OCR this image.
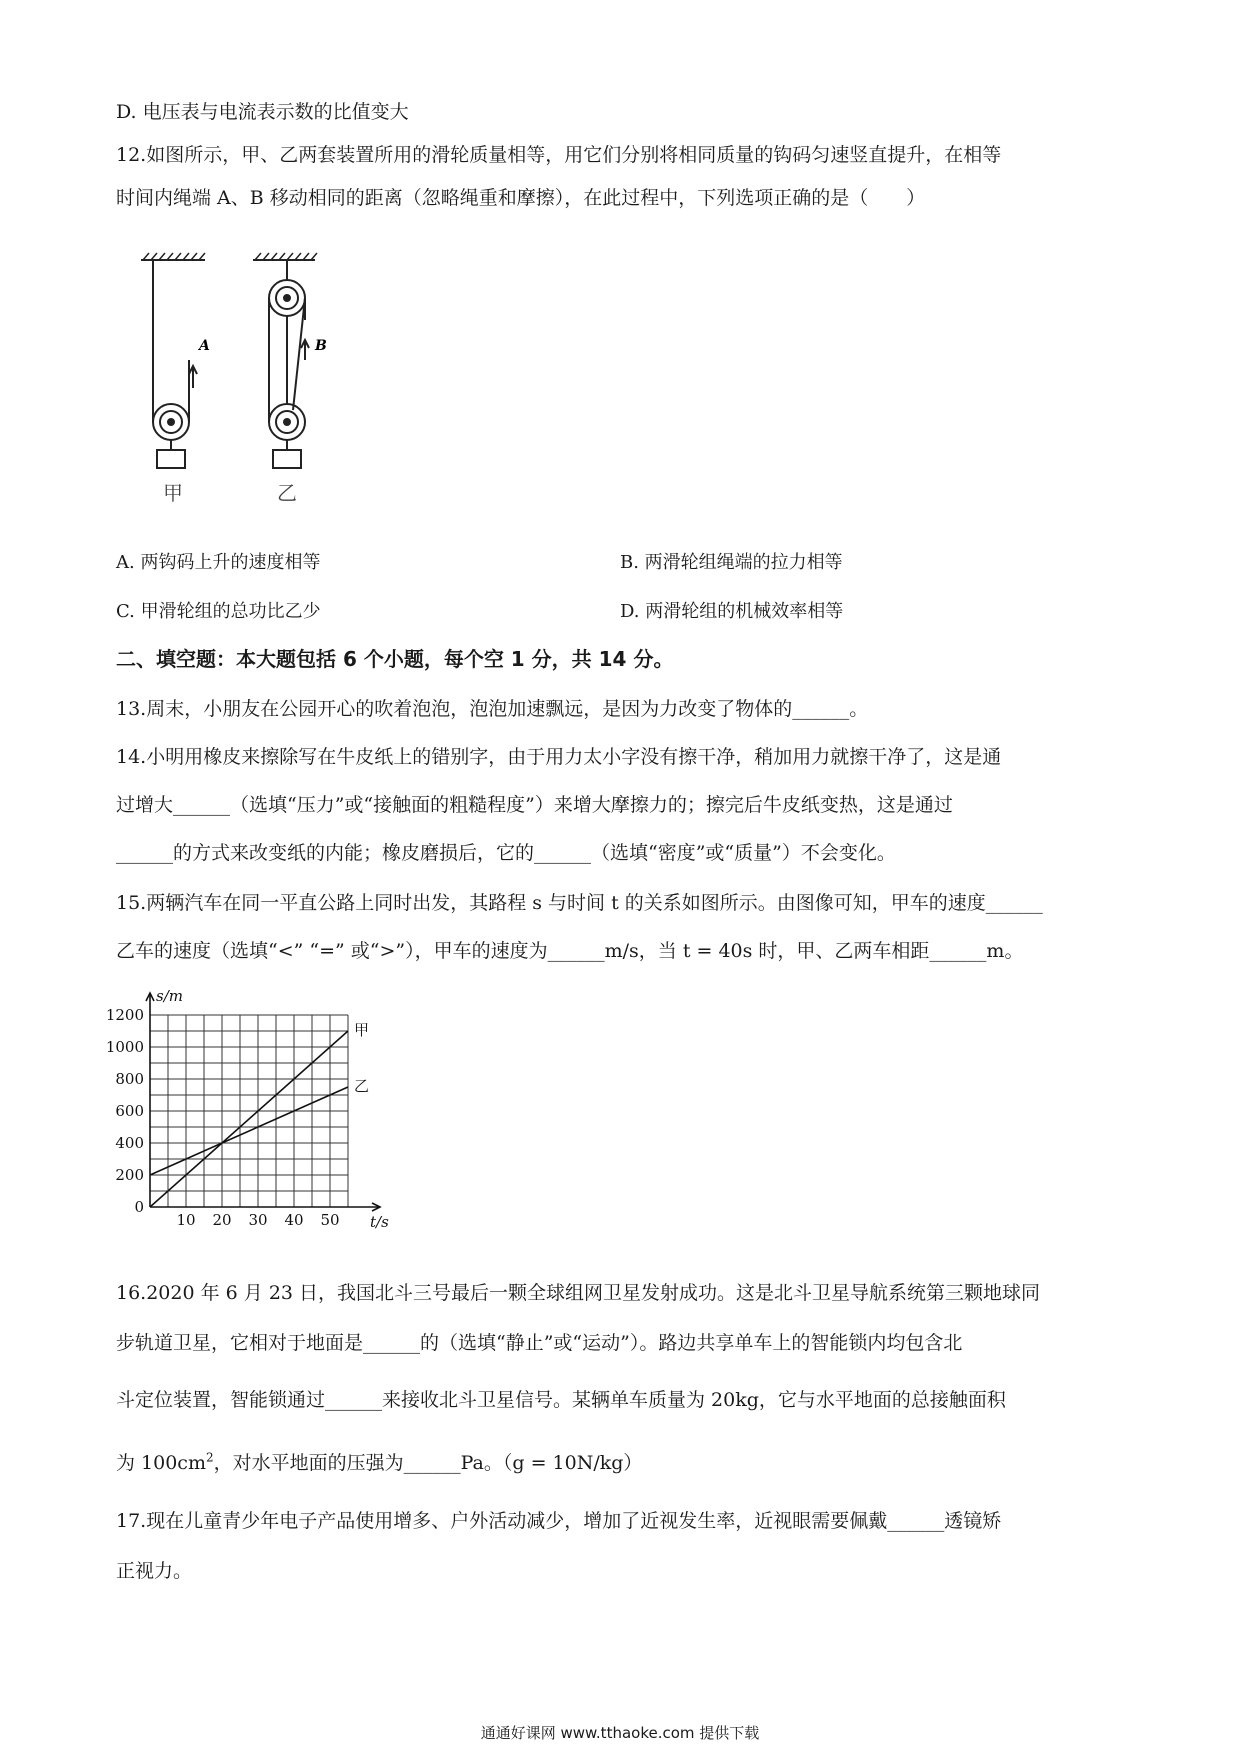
D. 电压表与电流表示数的比值变大
12.如图所示，甲、乙两套装置所用的滑轮质量相等，用它们分别将相同质量的钩码匀速竖直提升，在相等
时间内绳端 A、B 移动相同的距离（忽略绳重和摩擦），在此过程中，下列选项正确的是（　　）
A	B
甲	乙
A. 两钩码上升的速度相等	B. 两滑轮组绳端的拉力相等
C. 甲滑轮组的总功比乙少	D. 两滑轮组的机械效率相等
二、填空题：本大题包括 6 个小题，每个空 1 分，共 14 分。
13.周末，小朋友在公园开心的吹着泡泡，泡泡加速飘远，是因为力改变了物体的______。
14.小明用橡皮来擦除写在牛皮纸上的错别字，由于用力太小字没有擦干净，稍加用力就擦干净了，这是通
过增大______（选填“压力”或“接触面的粗糙程度”）来增大摩擦力的；擦完后牛皮纸变热，这是通过
______的方式来改变纸的内能；橡皮磨损后，它的______（选填“密度”或“质量”）不会变化。
15.两辆汽车在同一平直公路上同时出发，其路程 s 与时间 t 的关系如图所示。由图像可知，甲车的速度______
乙车的速度（选填“<” “=” 或“>”），甲车的速度为______m/s，当 t = 40s 时，甲、乙两车相距______m。
甲
乙
10 20 30 40 50
0
200
400
600
800
1000
1200
t/s
s/m
16.2020 年 6 月 23 日，我国北斗三号最后一颗全球组网卫星发射成功。这是北斗卫星导航系统第三颗地球同
步轨道卫星，它相对于地面是______的（选填“静止”或“运动”）。路边共享单车上的智能锁内均包含北
斗定位装置，智能锁通过______来接收北斗卫星信号。某辆单车质量为 20kg，它与水平地面的总接触面积
为 $100cm^2$，对水平地面的压强为______Pa。（g = 10N/kg）
17.现在儿童青少年电子产品使用增多、户外活动减少，增加了近视发生率，近视眼需要佩戴______透镜矫
正视力。
通通好课网 www.tthaoke.com 提供下载
